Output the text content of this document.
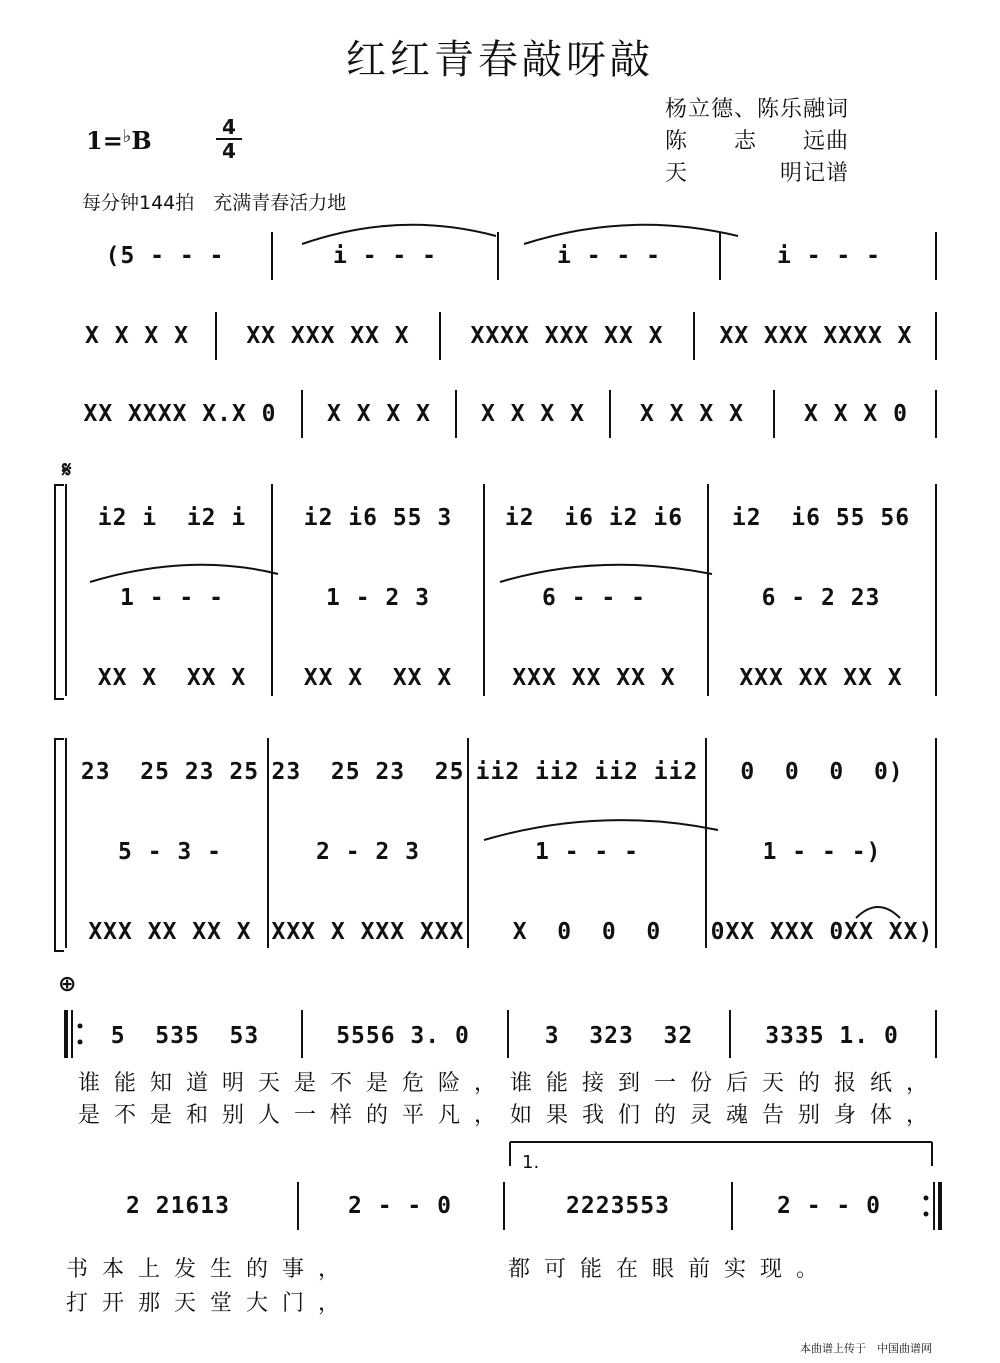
红红青春敲呀敲
杨立德、陈乐融词
陈　　志　　远曲
天　　　　明记谱
1=♭B	4
4
每分钟144拍　充满青春活力地
𝄋
⊕
1.
(5 - - -	i - - -	i - - -	i - - -
X X X X	XX XXX XX X	XXXX XXX XX X	XX XXX XXXX X
XX XXXX X.X 0	X X X X	X X X X	X X X X	X X X 0
i2 i  i2 i	i2 i6 55 3	i2  i6 i2 i6	i2  i6 55 56
1 - - -	1 - 2 3	6 - - -	6 - 2 23
XX X  XX X	XX X  XX X	XXX XX XX X	XXX XX XX X
23  25 23 25 23  25 23  25 ii2 ii2 ii2 ii2	0  0  0  0)
5 - 3 -	2 - 2 3	1 - - -	1 - - -)
XXX XX XX X XXX X XXX XXX	X  0  0  0	0XX XXX 0XX XX)
5  535  53	5556 3. 0	3  323  32	3335 1. 0
谁能知道明天是不是危险，谁能接到一份后天的报纸，
是不是和别人一样的平凡，如果我们的灵魂告别身体，
2 21613	2 - - 0	2223553	2 - - 0
书本上发生的事，	都可能在眼前实现。
打开那天堂大门，
本曲谱上传于　中国曲谱网
